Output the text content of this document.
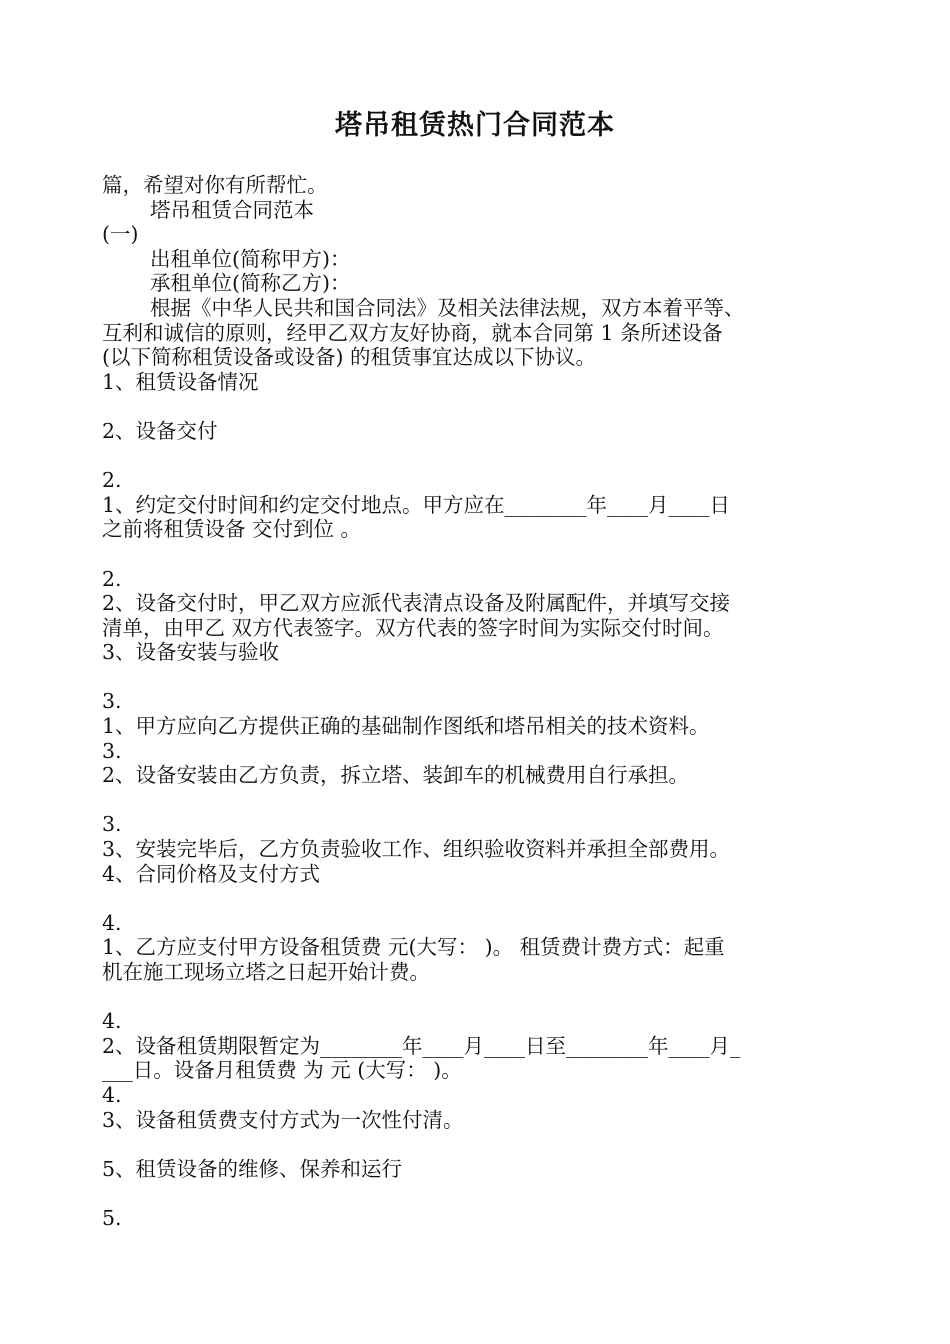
塔吊租赁热门合同范本
篇，希望对你有所帮忙。
塔吊租赁合同范本
(一)
出租单位(简称甲方)：
承租单位(简称乙方)：
根据《中华人民共和国合同法》及相关法律法规，双方本着平等、
互利和诚信的原则，经甲乙双方友好协商，就本合同第 1 条所述设备
(以下简称租赁设备或设备) 的租赁事宜达成以下协议。
1、租赁设备情况
2、设备交付
2.
1、约定交付时间和约定交付地点。甲方应在________年____月____日
之前将租赁设备 交付到位 。
2.
2、设备交付时，甲乙双方应派代表清点设备及附属配件，并填写交接
清单，由甲乙 双方代表签字。双方代表的签字时间为实际交付时间。
3、设备安装与验收
3.
1、甲方应向乙方提供正确的基础制作图纸和塔吊相关的技术资料。
3.
2、设备安装由乙方负责，拆立塔、装卸车的机械费用自行承担。
3.
3、安装完毕后，乙方负责验收工作、组织验收资料并承担全部费用。
4、合同价格及支付方式
4.
1、乙方应支付甲方设备租赁费 元(大写： )。 租赁费计费方式：起重
机在施工现场立塔之日起开始计费。
4.
2、设备租赁期限暂定为________年____月____日至________年____月_
___日。设备月租赁费 为 元 (大写： )。
4.
3、设备租赁费支付方式为一次性付清。
5、租赁设备的维修、保养和运行
5.
